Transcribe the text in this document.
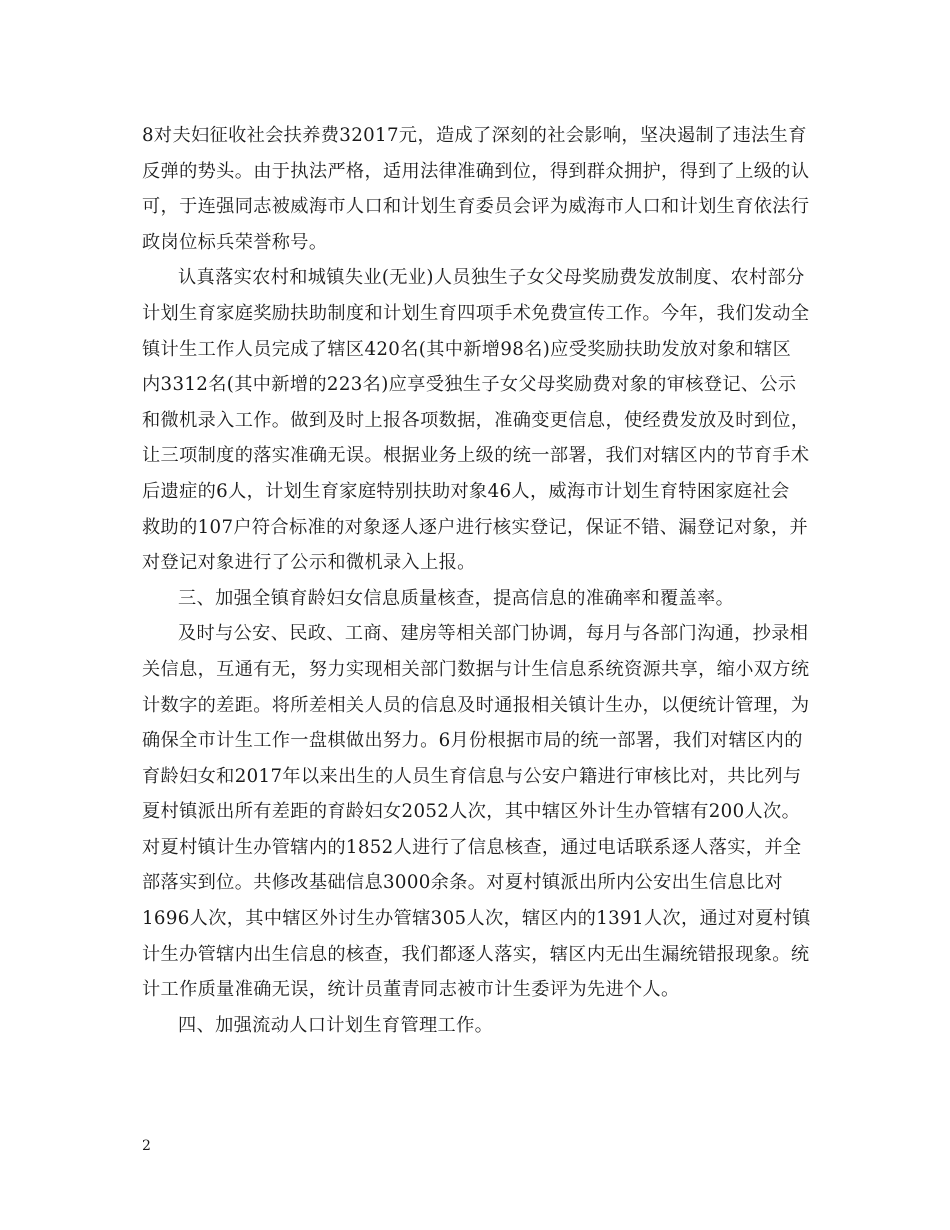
8对夫妇征收社会扶养费32017元，造成了深刻的社会影响，坚决遏制了违法生育
反弹的势头。由于执法严格，适用法律准确到位，得到群众拥护，得到了上级的认
可，于连强同志被威海市人口和计划生育委员会评为威海市人口和计划生育依法行
政岗位标兵荣誉称号。

认真落实农村和城镇失业(无业)人员独生子女父母奖励费发放制度、农村部分
计划生育家庭奖励扶助制度和计划生育四项手术免费宣传工作。今年，我们发动全
镇计生工作人员完成了辖区420名(其中新增98名)应受奖励扶助发放对象和辖区
内3312名(其中新增的223名)应享受独生子女父母奖励费对象的审核登记、公示
和微机录入工作。做到及时上报各项数据，准确变更信息，使经费发放及时到位，
让三项制度的落实准确无误。根据业务上级的统一部署，我们对辖区内的节育手术
后遗症的6人，计划生育家庭特别扶助对象46人，威海市计划生育特困家庭社会
救助的107户符合标准的对象逐人逐户进行核实登记，保证不错、漏登记对象，并
对登记对象进行了公示和微机录入上报。

三、加强全镇育龄妇女信息质量核查，提高信息的准确率和覆盖率。

及时与公安、民政、工商、建房等相关部门协调，每月与各部门沟通，抄录相
关信息，互通有无，努力实现相关部门数据与计生信息系统资源共享，缩小双方统
计数字的差距。将所差相关人员的信息及时通报相关镇计生办，以便统计管理，为
确保全市计生工作一盘棋做出努力。6月份根据市局的统一部署，我们对辖区内的
育龄妇女和2017年以来出生的人员生育信息与公安户籍进行审核比对，共比列与
夏村镇派出所有差距的育龄妇女2052人次，其中辖区外计生办管辖有200人次。
对夏村镇计生办管辖内的1852人进行了信息核查，通过电话联系逐人落实，并全
部落实到位。共修改基础信息3000余条。对夏村镇派出所内公安出生信息比对
1696人次，其中辖区外讨生办管辖305人次，辖区内的1391人次，通过对夏村镇
计生办管辖内出生信息的核查，我们都逐人落实，辖区内无出生漏统错报现象。统
计工作质量准确无误，统计员董青同志被市计生委评为先进个人。

四、加强流动人口计划生育管理工作。

2
